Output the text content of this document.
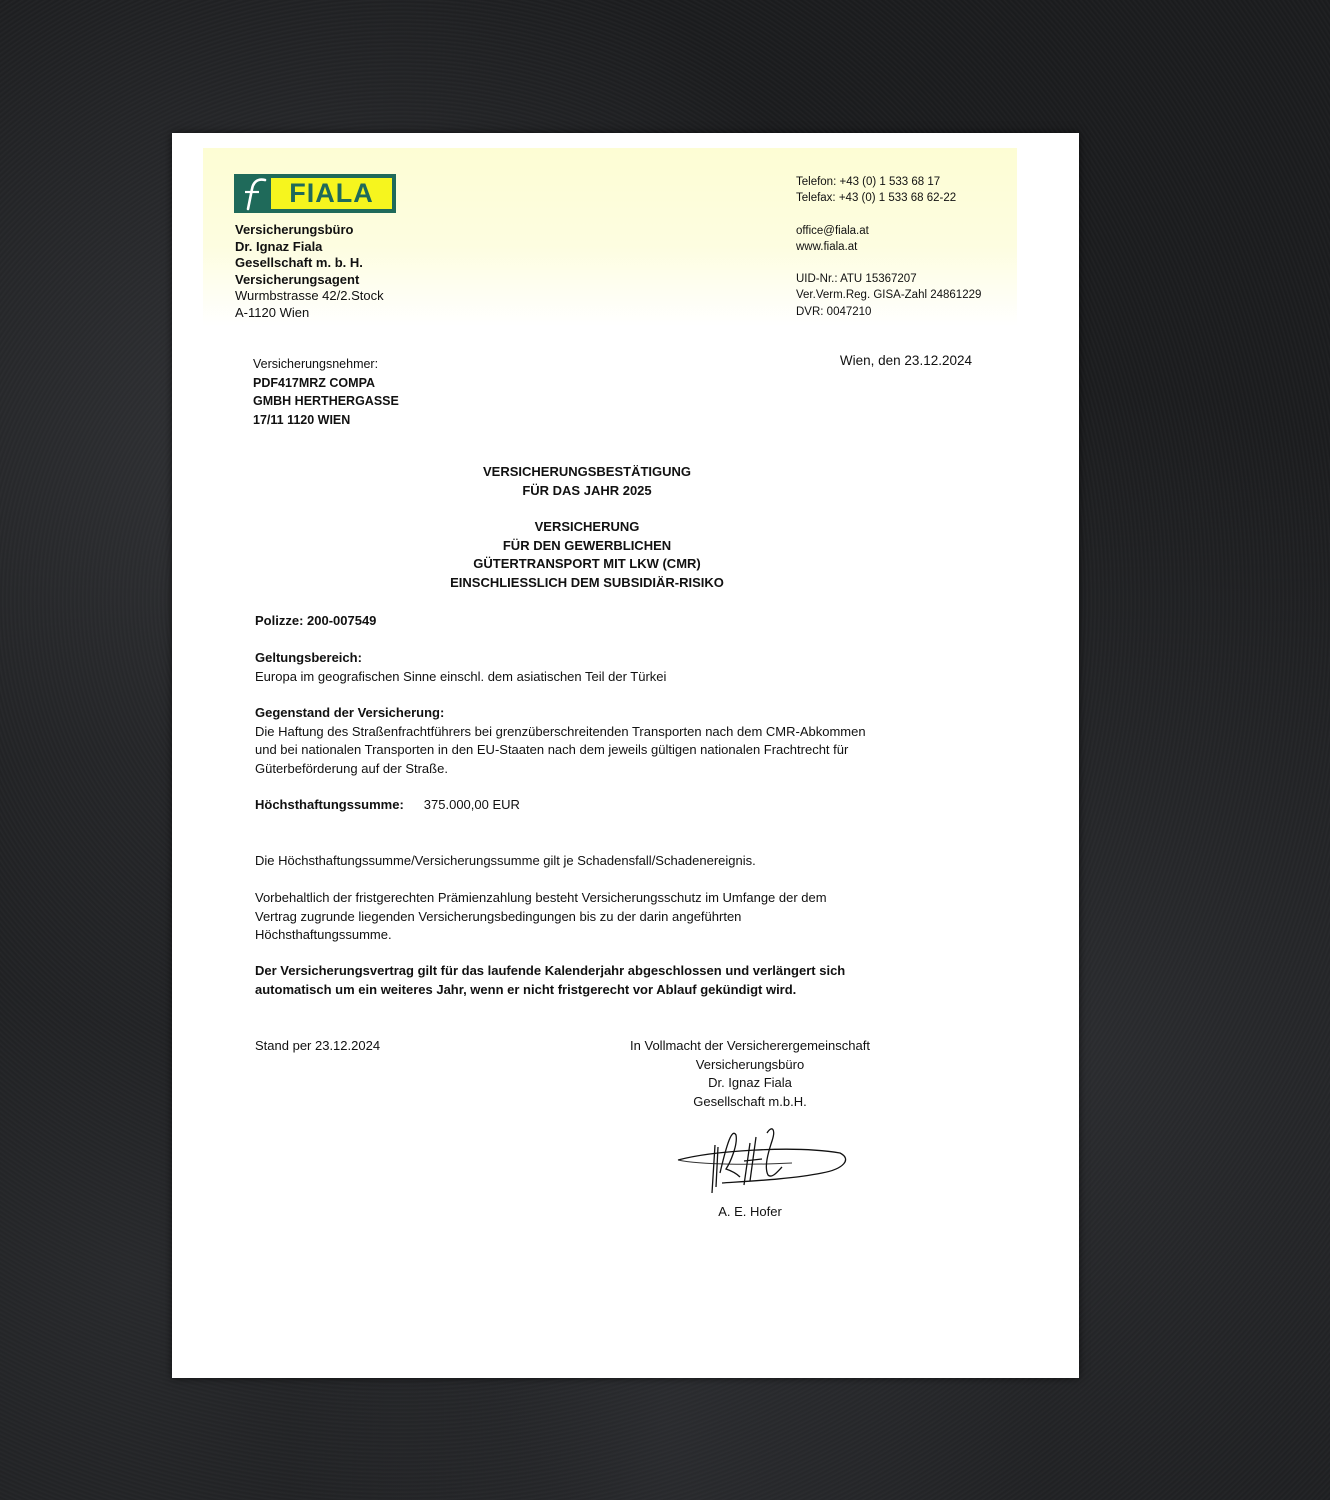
FIALA
Versicherungsbüro
Dr. Ignaz Fiala
Gesellschaft m. b. H.
Versicherungsagent
Wurmbstrasse 42/2.Stock
A-1120 Wien
Telefon: +43 (0) 1 533 68 17
Telefax: +43 (0) 1 533 68 62-22
office@fiala.at
www.fiala.at
UID-Nr.: ATU 15367207
Ver.Verm.Reg. GISA-Zahl 24861229
DVR: 0047210
Versicherungsnehmer:
PDF417MRZ COMPA
GMBH HERTHERGASSE
17/11 1120 WIEN
Wien, den 23.12.2024
VERSICHERUNGSBESTÄTIGUNG
FÜR DAS JAHR 2025
VERSICHERUNG
FÜR DEN GEWERBLICHEN
GÜTERTRANSPORT MIT LKW (CMR)
EINSCHLIESSLICH DEM SUBSIDIÄR-RISIKO
Polizze: 200-007549
Geltungsbereich:
Europa im geografischen Sinne einschl. dem asiatischen Teil der Türkei
Gegenstand der Versicherung:
Die Haftung des Straßenfrachtführers bei grenzüberschreitenden Transporten nach dem CMR-Abkommen
und bei nationalen Transporten in den EU-Staaten nach dem jeweils gültigen nationalen Frachtrecht für
Güterbeförderung auf der Straße.
Höchsthaftungssumme: 375.000,00 EUR
Die Höchsthaftungssumme/Versicherungssumme gilt je Schadensfall/Schadenereignis.
Vorbehaltlich der fristgerechten Prämienzahlung besteht Versicherungsschutz im Umfange der dem
Vertrag zugrunde liegenden Versicherungsbedingungen bis zu der darin angeführten
Höchsthaftungssumme.
Der Versicherungsvertrag gilt für das laufende Kalenderjahr abgeschlossen und verlängert sich
automatisch um ein weiteres Jahr, wenn er nicht fristgerecht vor Ablauf gekündigt wird.
Stand per 23.12.2024	In Vollmacht der Versicherergemeinschaft
Versicherungsbüro
Dr. Ignaz Fiala
Gesellschaft m.b.H.
A. E. Hofer
